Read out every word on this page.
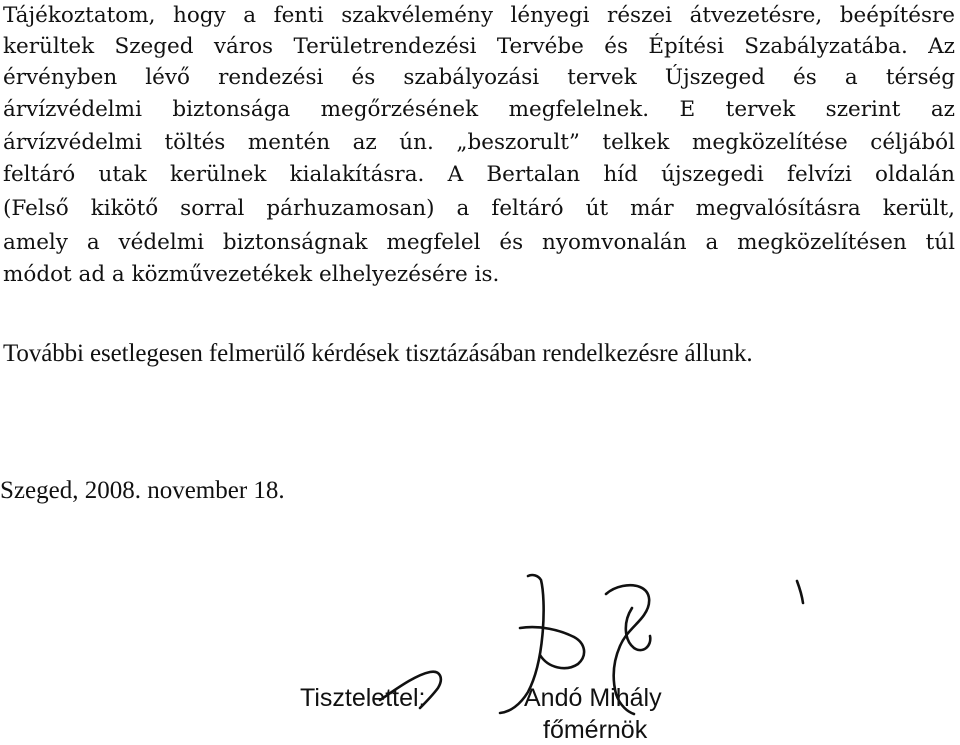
Tájékoztatom, hogy a fenti szakvélemény lényegi részei átvezetésre, beépítésre
kerültek Szeged város Területrendezési Tervébe és Építési Szabályzatába. Az
érvényben lévő rendezési és szabályozási tervek Újszeged és a térség
árvízvédelmi biztonsága megőrzésének megfelelnek. E tervek szerint az
árvízvédelmi töltés mentén az ún. „beszorult” telkek megközelítése céljából
feltáró utak kerülnek kialakításra. A Bertalan híd újszegedi felvízi oldalán
(Felső kikötő sorral párhuzamosan) a feltáró út már megvalósításra került,
amely a védelmi biztonságnak megfelel és nyomvonalán a megközelítésen túl
módot ad a közművezetékek elhelyezésére is.
További esetlegesen felmerülő kérdések tisztázásában rendelkezésre állunk.
Szeged, 2008. november 18.
Tisztelettel:	Andó Mihály
főmérnök
